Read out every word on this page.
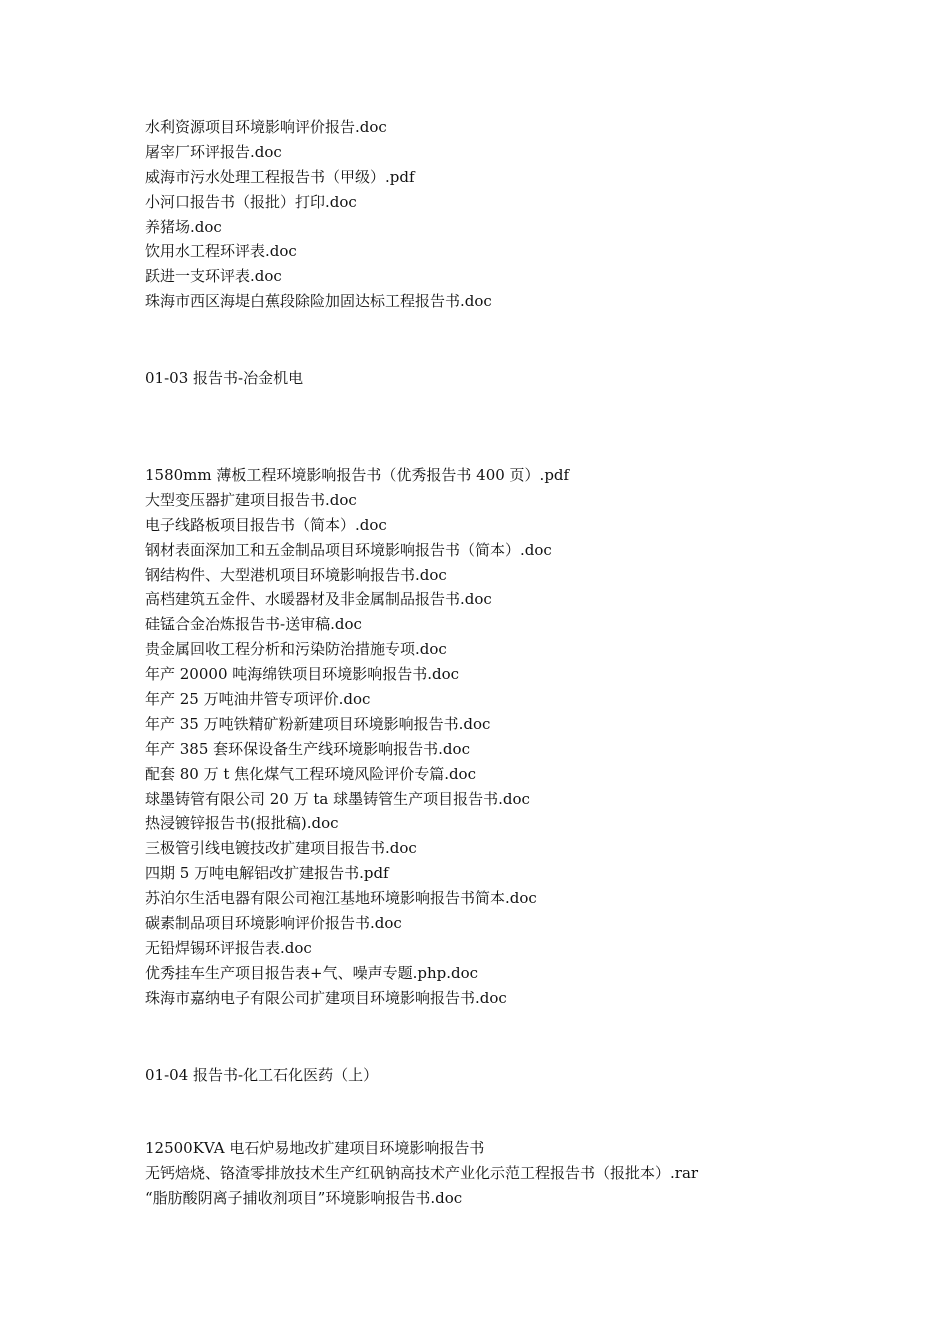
水利资源项目环境影响评价报告.doc
屠宰厂环评报告.doc
威海市污水处理工程报告书（甲级）.pdf
小河口报告书（报批）打印.doc
养猪场.doc
饮用水工程环评表.doc
跃进一支环评表.doc
珠海市西区海堤白蕉段除险加固达标工程报告书.doc
01-03 报告书-冶金机电
1580mm 薄板工程环境影响报告书（优秀报告书 400 页）.pdf
大型变压器扩建项目报告书.doc
电子线路板项目报告书（简本）.doc
钢材表面深加工和五金制品项目环境影响报告书（简本）.doc
钢结构件、大型港机项目环境影响报告书.doc
高档建筑五金件、水暖器材及非金属制品报告书.doc
硅锰合金冶炼报告书-送审稿.doc
贵金属回收工程分析和污染防治措施专项.doc
年产 20000 吨海绵铁项目环境影响报告书.doc
年产 25 万吨油井管专项评价.doc
年产 35 万吨铁精矿粉新建项目环境影响报告书.doc
年产 385 套环保设备生产线环境影响报告书.doc
配套 80 万 t 焦化煤气工程环境风险评价专篇.doc
球墨铸管有限公司 20 万 ta 球墨铸管生产项目报告书.doc
热浸镀锌报告书(报批稿).doc
三极管引线电镀技改扩建项目报告书.doc
四期 5 万吨电解铝改扩建报告书.pdf
苏泊尔生活电器有限公司袍江基地环境影响报告书简本.doc
碳素制品项目环境影响评价报告书.doc
无铅焊锡环评报告表.doc
优秀挂车生产项目报告表+气、噪声专题.php.doc
珠海市嘉纳电子有限公司扩建项目环境影响报告书.doc
01-04 报告书-化工石化医药（上）
12500KVA 电石炉易地改扩建项目环境影响报告书
无钙焙烧、铬渣零排放技术生产红矾钠高技术产业化示范工程报告书（报批本）.rar
“脂肪酸阴离子捕收剂项目”环境影响报告书.doc
